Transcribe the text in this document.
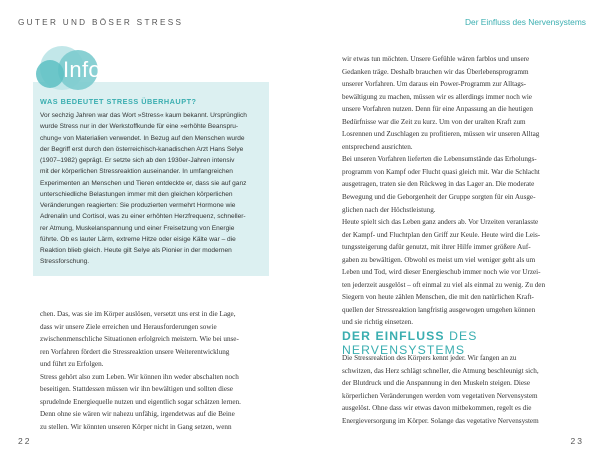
GUTER UND BÖSER STRESS	Der Einfluss des Nervensystems
Info
WAS BEDEUTET STRESS ÜBERHAUPT?

Vor sechzig Jahren war das Wort »Stress« kaum bekannt. Ursprünglich

wurde Stress nur in der Werkstoffkunde für eine »erhöhte Beanspru-

chung« von Materialien verwendet. In Bezug auf den Menschen wurde

der Begriff erst durch den österreichisch-kanadischen Arzt Hans Selye

(1907–1982) geprägt. Er setzte sich ab den 1930er-Jahren intensiv

mit der körperlichen Stressreaktion auseinander. In umfangreichen

Experimenten an Menschen und Tieren entdeckte er, dass sie auf ganz

unterschiedliche Belastungen immer mit den gleichen körperlichen

Veränderungen reagierten: Sie produzierten vermehrt Hormone wie

Adrenalin und Cortisol, was zu einer erhöhten Herzfrequenz, schneller-

rer Atmung, Muskelanspannung und einer Freisetzung von Energie

führte. Ob es lauter Lärm, extreme Hitze oder eisige Kälte war – die

Reaktion blieb gleich. Heute gilt Selye als Pionier in der modernen

Stressforschung.

chen. Das, was sie im Körper auslösen, versetzt uns erst in die Lage,

dass wir unsere Ziele erreichen und Herausforderungen sowie

zwischenmenschliche Situationen erfolgreich meistern. Wie bei unse-

ren Vorfahren fördert die Stressreaktion unsere Weiterentwicklung

und führt zu Erfolgen.

Stress gehört also zum Leben. Wir können ihn weder abschalten noch

beseitigen. Stattdessen müssen wir ihn bewältigen und sollten diese

sprudelnde Energiequelle nutzen und eigentlich sogar schätzen lernen.

Denn ohne sie wären wir nahezu unfähig, irgendetwas auf die Beine

zu stellen. Wir könnten unseren Körper nicht in Gang setzen, wenn

wir etwas tun möchten. Unsere Gefühle wären farblos und unsere

Gedanken träge. Deshalb brauchen wir das Überlebensprogramm

unserer Vorfahren. Um daraus ein Power-Programm zur Alltags-

bewältigung zu machen, müssen wir es allerdings immer noch wie

unsere Vorfahren nutzen. Denn für eine Anpassung an die heutigen

Bedürfnisse war die Zeit zu kurz. Um von der uralten Kraft zum

Losrennen und Zuschlagen zu profitieren, müssen wir unseren Alltag

entsprechend ausrichten.

Bei unseren Vorfahren lieferten die Lebensumstände das Erholungs-

programm von Kampf oder Flucht quasi gleich mit. War die Schlacht

ausgetragen, traten sie den Rückweg in das Lager an. Die moderate

Bewegung und die Geborgenheit der Gruppe sorgten für ein Ausge-

glichen nach der Höchstleistung.

Heute spielt sich das Leben ganz anders ab. Vor Urzeiten veranlasste

der Kampf- und Fluchtplan den Griff zur Keule. Heute wird die Leis-

tungssteigerung dafür genutzt, mit ihrer Hilfe immer größere Auf-

gaben zu bewältigen. Obwohl es meist um viel weniger geht als um

Leben und Tod, wird dieser Energieschub immer noch wie vor Urzei-

ten jederzeit ausgelöst – oft einmal zu viel als einmal zu wenig. Zu den

Siegern von heute zählen Menschen, die mit den natürlichen Kraft-

quellen der Stressreaktion langfristig ausgewogen umgehen können

und sie richtig einsetzen.

DER EINFLUSS DES NERVENSYSTEMS

Die Stressreaktion des Körpers kennt jeder. Wir fangen an zu

schwitzen, das Herz schlägt schneller, die Atmung beschleunigt sich,

der Blutdruck und die Anspannung in den Muskeln steigen. Diese

körperlichen Veränderungen werden vom vegetativen Nervensystem

ausgelöst. Ohne dass wir etwas davon mitbekommen, regelt es die

Energieversorgung im Körper. Solange das vegetative Nervensystem

22	23
